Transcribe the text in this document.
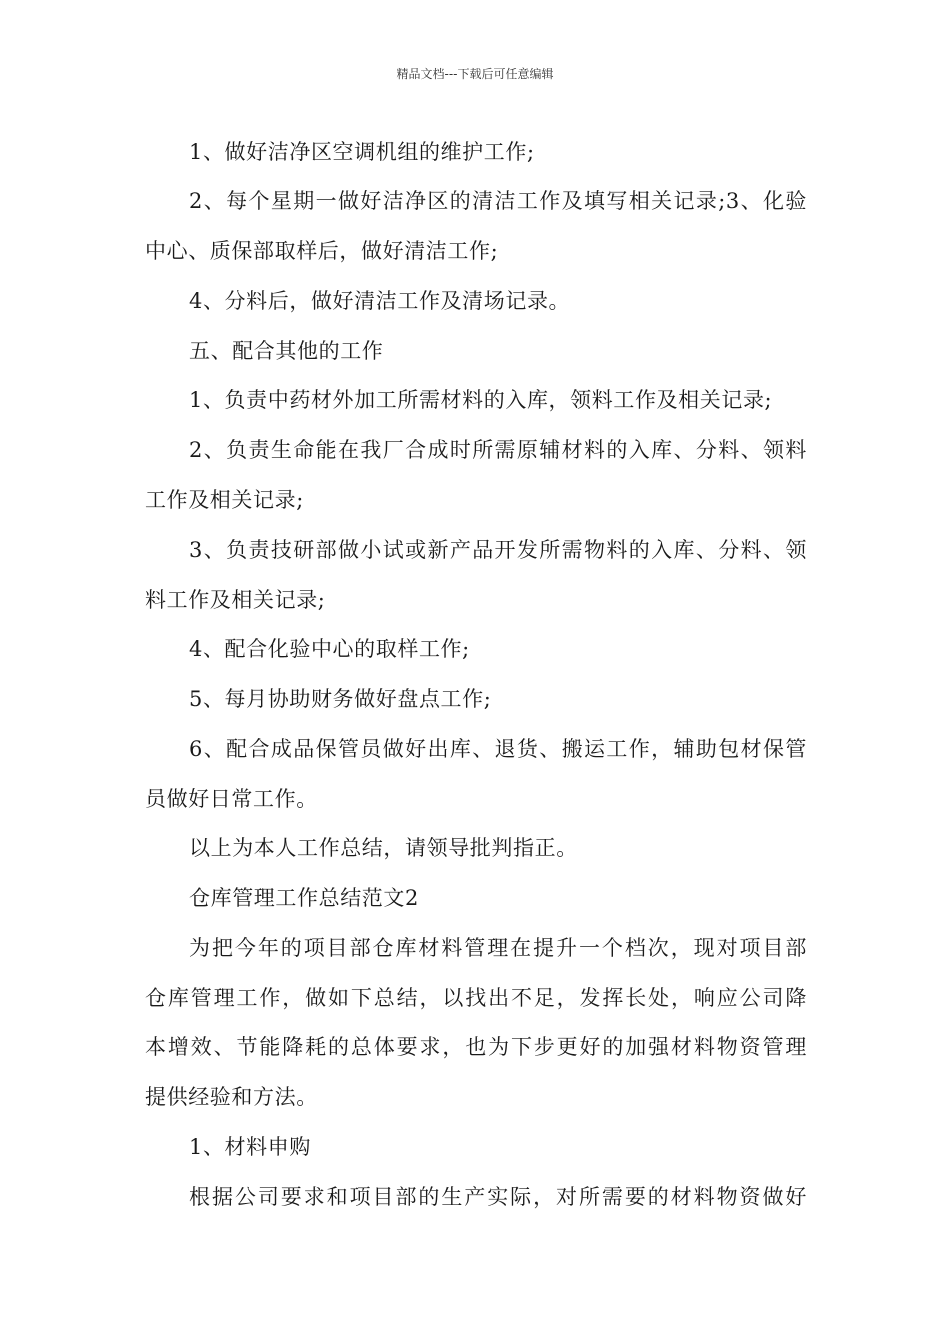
精品文档---下载后可任意编辑
1、做好洁净区空调机组的维护工作;
2、每个星期一做好洁净区的清洁工作及填写相关记录;3、化验
中心、质保部取样后，做好清洁工作;
4、分料后，做好清洁工作及清场记录。
五、配合其他的工作
1、负责中药材外加工所需材料的入库，领料工作及相关记录;
2、负责生命能在我厂合成时所需原辅材料的入库、分料、领料
工作及相关记录;
3、负责技研部做小试或新产品开发所需物料的入库、分料、领
料工作及相关记录;
4、配合化验中心的取样工作;
5、每月协助财务做好盘点工作;
6、配合成品保管员做好出库、退货、搬运工作，辅助包材保管
员做好日常工作。
以上为本人工作总结，请领导批判指正。
仓库管理工作总结范文2
为把今年的项目部仓库材料管理在提升一个档次，现对项目部
仓库管理工作，做如下总结，以找出不足，发挥长处，响应公司降
本增效、节能降耗的总体要求，也为下步更好的加强材料物资管理
提供经验和方法。
1、材料申购
根据公司要求和项目部的生产实际，对所需要的材料物资做好
